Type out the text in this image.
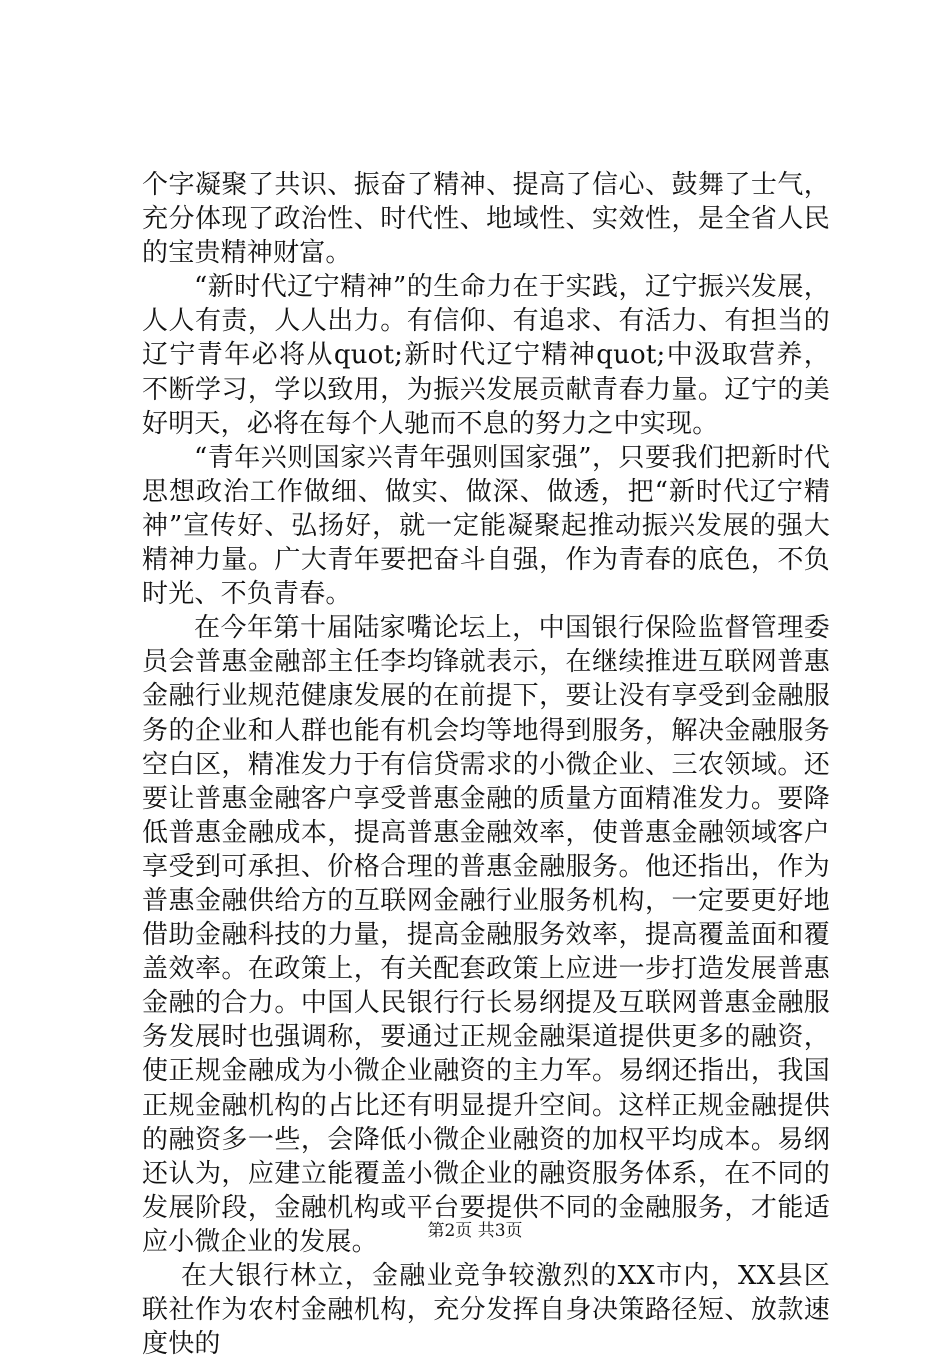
个字凝聚了共识、振奋了精神、提高了信心、鼓舞了士气，充分体现了政治性、时代性、地域性、实效性，是全省人民的宝贵精神财富。

“新时代辽宁精神”的生命力在于实践，辽宁振兴发展，人人有责，人人出力。有信仰、有追求、有活力、有担当的辽宁青年必将从quot;新时代辽宁精神quot;中汲取营养，不断学习，学以致用，为振兴发展贡献青春力量。辽宁的美好明天，必将在每个人驰而不息的努力之中实现。

“青年兴则国家兴青年强则国家强”，只要我们把新时代思想政治工作做细、做实、做深、做透，把“新时代辽宁精神”宣传好、弘扬好，就一定能凝聚起推动振兴发展的强大精神力量。广大青年要把奋斗自强，作为青春的底色，不负时光、不负青春。

在今年第十届陆家嘴论坛上，中国银行保险监督管理委员会普惠金融部主任李均锋就表示，在继续推进互联网普惠金融行业规范健康发展的在前提下，要让没有享受到金融服务的企业和人群也能有机会均等地得到服务，解决金融服务空白区，精准发力于有信贷需求的小微企业、三农领域。还要让普惠金融客户享受普惠金融的质量方面精准发力。要降低普惠金融成本，提高普惠金融效率，使普惠金融领域客户享受到可承担、价格合理的普惠金融服务。他还指出，作为普惠金融供给方的互联网金融行业服务机构，一定要更好地借助金融科技的力量，提高金融服务效率，提高覆盖面和覆盖效率。在政策上，有关配套政策上应进一步打造发展普惠金融的合力。中国人民银行行长易纲提及互联网普惠金融服务发展时也强调称，要通过正规金融渠道提供更多的融资，使正规金融成为小微企业融资的主力军。易纲还指出，我国正规金融机构的占比还有明显提升空间。这样正规金融提供的融资多一些，会降低小微企业融资的加权平均成本。易纲还认为，应建立能覆盖小微企业的融资服务体系，在不同的发展阶段，金融机构或平台要提供不同的金融服务，才能适应小微企业的发展。

在大银行林立，金融业竞争较激烈的XX市内，XX县区联社作为农村金融机构，充分发挥自身决策路径短、放款速度快的

第2页 共3页
